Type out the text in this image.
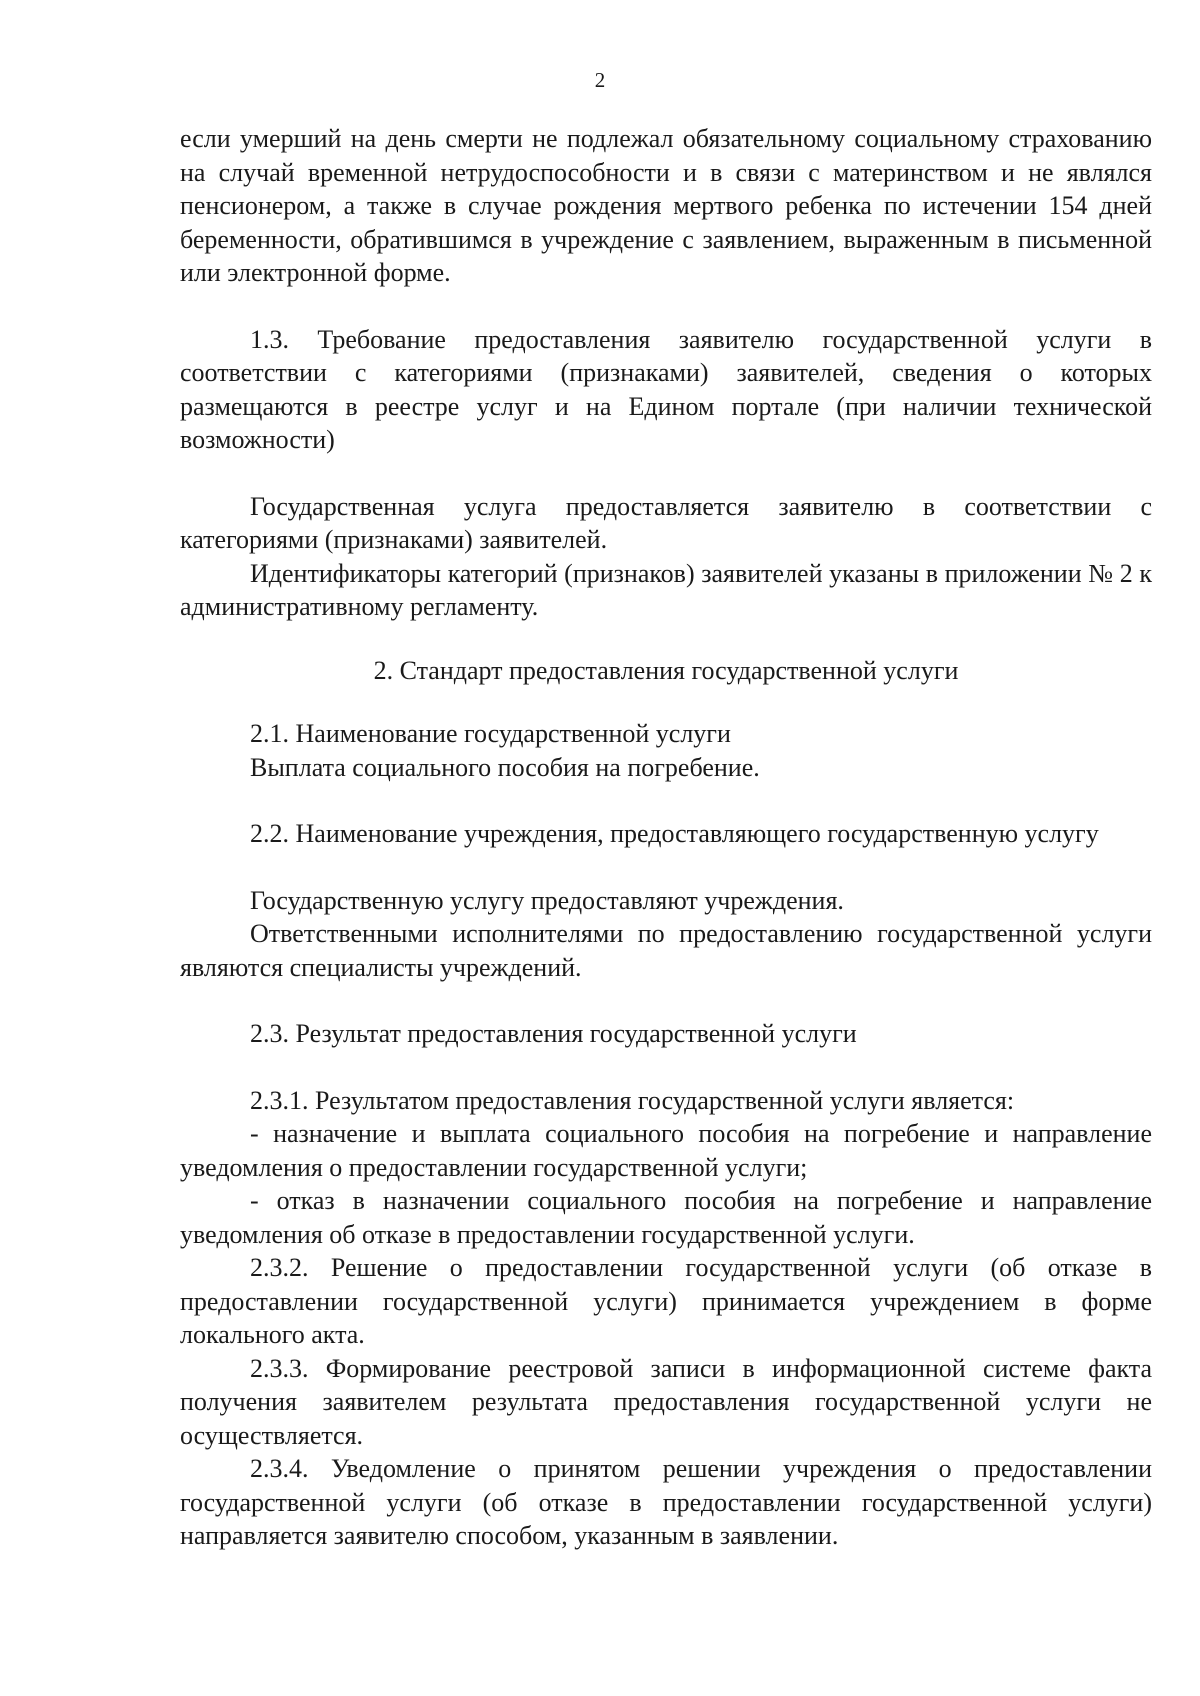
2

если умерший на день смерти не подлежал обязательному социальному страхованию на случай временной нетрудоспособности и в связи с материнством и не являлся пенсионером, а также в случае рождения мертвого ребенка по истечении 154 дней беременности, обратившимся в учреждение с заявлением, выраженным в письменной или электронной форме.

1.3. Требование предоставления заявителю государственной услуги в соответствии с категориями (признаками) заявителей, сведения о которых размещаются в реестре услуг и на Едином портале (при наличии технической возможности)

Государственная услуга предоставляется заявителю в соответствии с категориями (признаками) заявителей.

Идентификаторы категорий (признаков) заявителей указаны в приложении № 2 к административному регламенту.

2. Стандарт предоставления государственной услуги

2.1. Наименование государственной услуги

Выплата социального пособия на погребение.

2.2. Наименование учреждения, предоставляющего государственную услугу

Государственную услугу предоставляют учреждения.

Ответственными исполнителями по предоставлению государственной услуги являются специалисты учреждений.

2.3. Результат предоставления государственной услуги

2.3.1. Результатом предоставления государственной услуги является:

- назначение и выплата социального пособия на погребение и направление уведомления о предоставлении государственной услуги;

- отказ в назначении социального пособия на погребение и направление уведомления об отказе в предоставлении государственной услуги.

2.3.2. Решение о предоставлении государственной услуги (об отказе в предоставлении государственной услуги) принимается учреждением в форме локального акта.

2.3.3. Формирование реестровой записи в информационной системе факта получения заявителем результата предоставления государственной услуги не осуществляется.

2.3.4. Уведомление о принятом решении учреждения о предоставлении государственной услуги (об отказе в предоставлении государственной услуги) направляется заявителю способом, указанным в заявлении.
